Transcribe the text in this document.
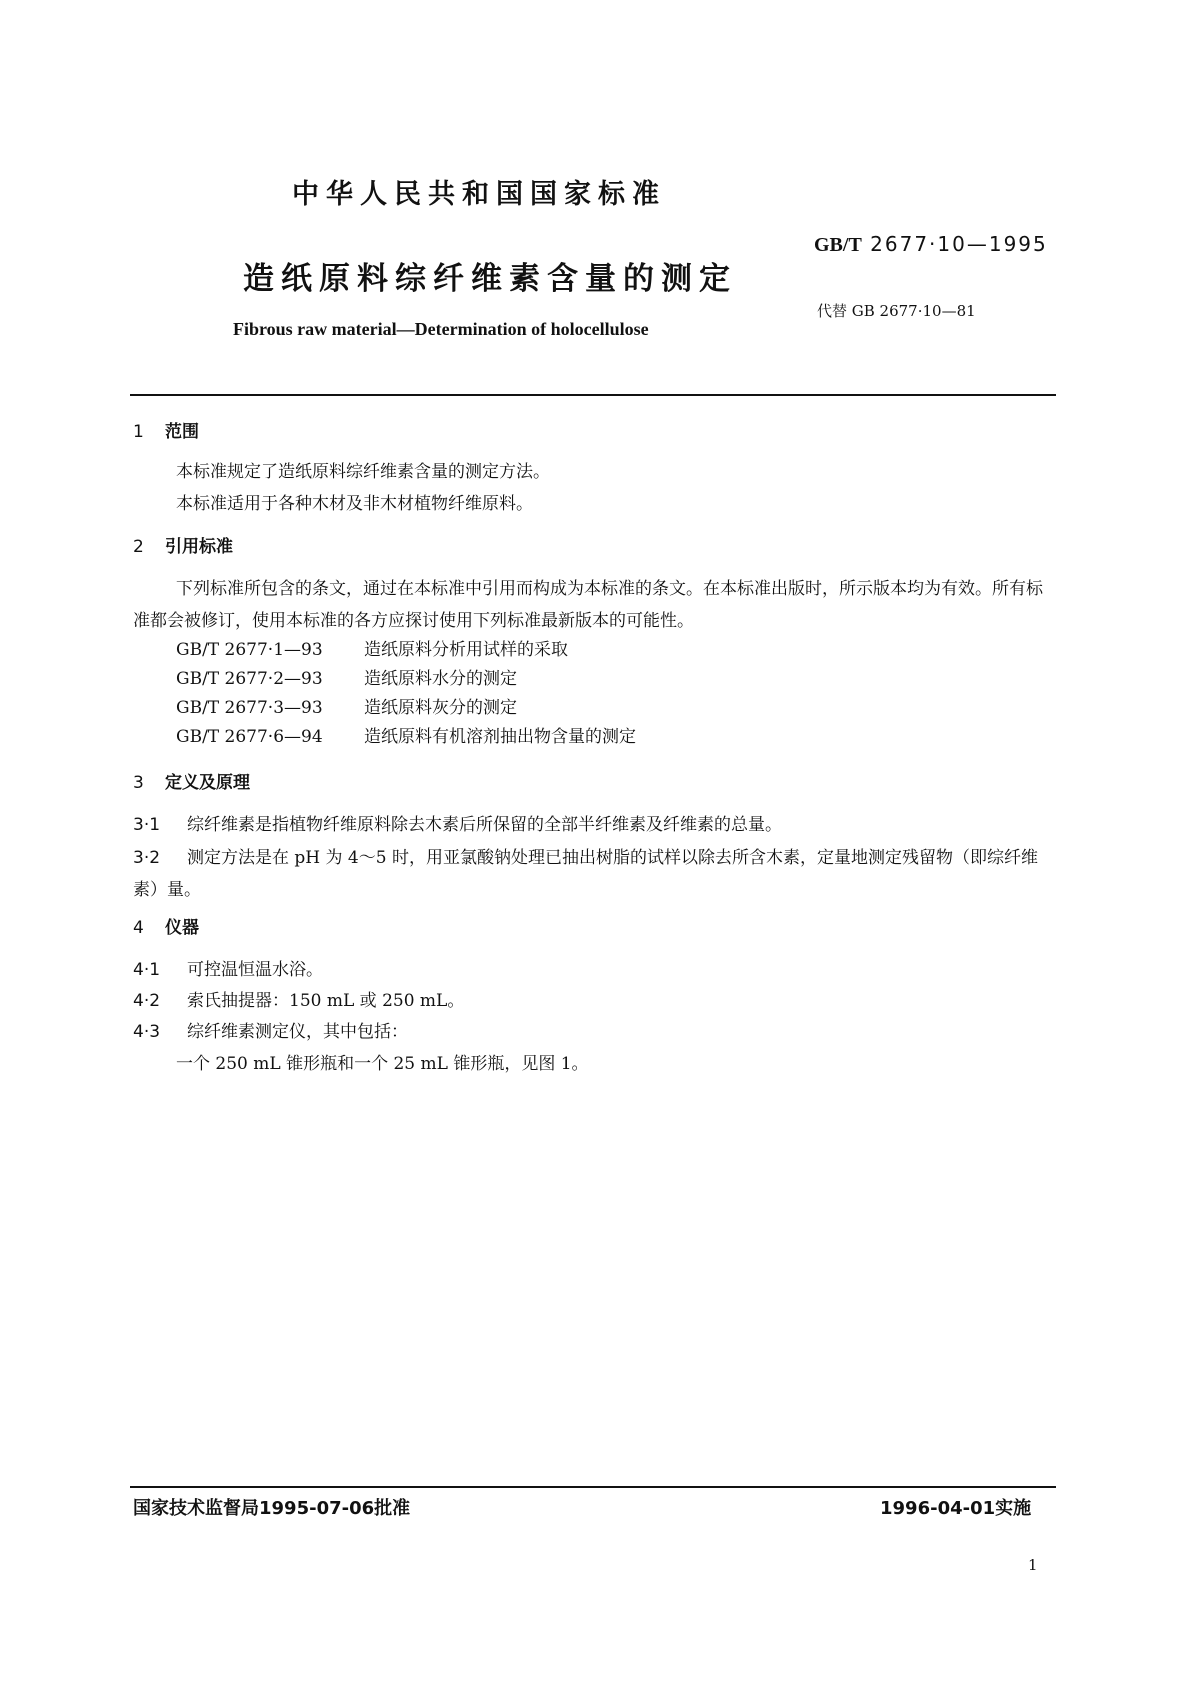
中华人民共和国国家标准
造纸原料综纤维素含量的测定
Fibrous raw material—Determination of holocellulose
GB/T 2677·10—1995
代替 GB 2677·10—81
1 范围
本标准规定了造纸原料综纤维素含量的测定方法。
本标准适用于各种木材及非木材植物纤维原料。
2 引用标准
下列标准所包含的条文，通过在本标准中引用而构成为本标准的条文。在本标准出版时，所示版本均为有效。所有标准都会被修订，使用本标准的各方应探讨使用下列标准最新版本的可能性。
GB/T 2677·1—93 造纸原料分析用试样的采取
GB/T 2677·2—93 造纸原料水分的测定
GB/T 2677·3—93 造纸原料灰分的测定
GB/T 2677·6—94 造纸原料有机溶剂抽出物含量的测定
3 定义及原理
3·1 综纤维素是指植物纤维原料除去木素后所保留的全部半纤维素及纤维素的总量。
3·2 测定方法是在 pH 为 4～5 时，用亚氯酸钠处理已抽出树脂的试样以除去所含木素，定量地测定残留物（即综纤维素）量。
4 仪器
4·1 可控温恒温水浴。
4·2 索氏抽提器：150 mL 或 250 mL。
4·3 综纤维素测定仪，其中包括：
一个 250 mL 锥形瓶和一个 25 mL 锥形瓶，见图 1。
国家技术监督局1995-07-06批准	1996-04-01实施
1
